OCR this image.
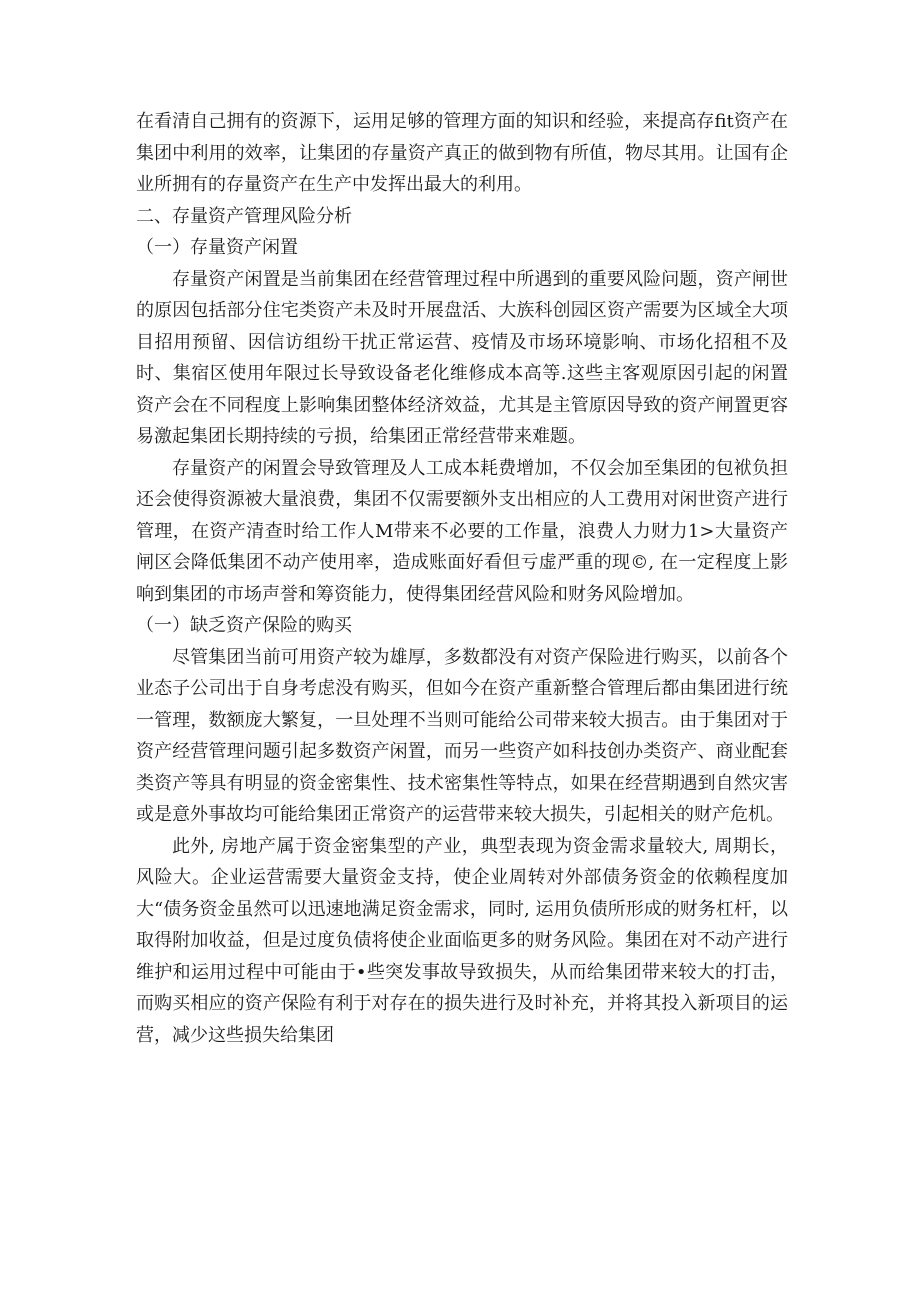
在看清自己拥有的资源下，运用足够的管理方面的知识和经验，来提高存fit资产在集团中利用的效率，让集团的存量资产真正的做到物有所值，物尽其用。让国有企业所拥有的存量资产在生产中发挥出最大的利用。

二、存量资产管理风险分析

（一）存量资产闲置

存量资产闲置是当前集团在经营管理过程中所遇到的重要风险问题，资产闸世的原因包括部分住宅类资产未及时开展盘活、大族科创园区资产需要为区域全大项目招用预留、因信访组纷干扰正常运营、疫情及市场环境影响、市场化招租不及时、集宿区使用年限过长导致设备老化维修成本高等.这些主客观原因引起的闲置资产会在不同程度上影响集团整体经济效益，尤其是主管原因导致的资产闸置更容易激起集团长期持续的亏损，给集团正常经营带来难题。

存量资产的闲置会导致管理及人工成本耗费增加，不仅会加至集团的包袱负担还会使得资源被大量浪费，集团不仅需要额外支出相应的人工费用对闲世资产进行管理，在资产清查时给工作人M带来不必要的工作量，浪费人力财力1>大量资产闸区会降低集团不动产使用率，造成账面好看但亏虚严重的现©, 在一定程度上影响到集团的市场声誉和筹资能力，使得集团经营风险和财务风险增加。

（一）缺乏资产保险的购买

尽管集团当前可用资产较为雄厚，多数都没有对资产保险进行购买，以前各个业态子公司出于自身考虑没有购买，但如今在资产重新整合管理后都由集团进行统一管理，数额庞大繁复，一旦处理不当则可能给公司带来较大损吉。由于集团对于资产经营管理问题引起多数资产闲置，而另一些资产如科技创办类资产、商业配套类资产等具有明显的资金密集性、技术密集性等特点，如果在经营期遇到自然灾害或是意外事故均可能给集团正常资产的运营带来较大损失，引起相关的财产危机。

此外, 房地产属于资金密集型的产业，典型表现为资金需求量较大, 周期长，风险大。企业运营需要大量资金支持，使企业周转对外部债务资金的依赖程度加大“债务资金虽然可以迅速地满足资金需求，同时, 运用负债所形成的财务杠杆，以取得附加收益，但是过度负债将使企业面临更多的财务风险。集团在对不动产进行维护和运用过程中可能由于•些突发事故导致损失，从而给集团带来较大的打击，而购买相应的资产保险有利于对存在的损失进行及时补充，并将其投入新项目的运营，减少这些损失给集团
